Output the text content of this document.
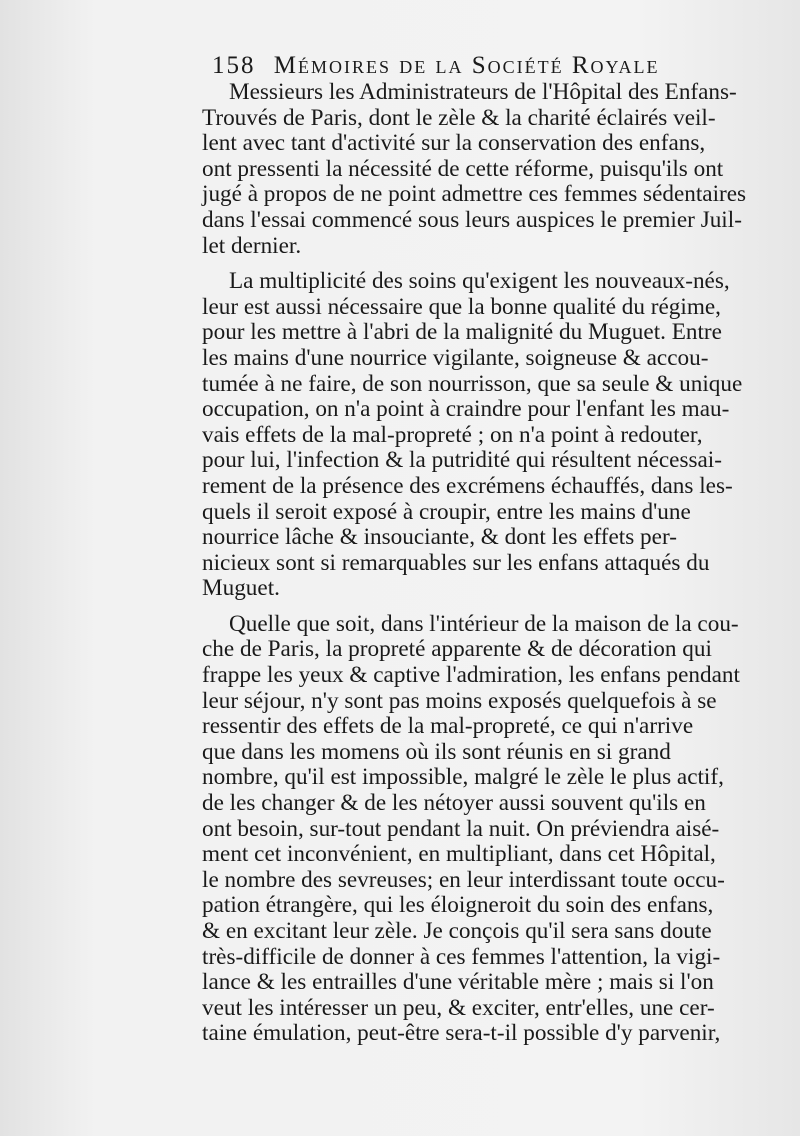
158 Mémoires de la Société Royale
Messieurs les Administrateurs de l'Hôpital des Enfans-
Trouvés de Paris, dont le zèle & la charité éclairés veil-
lent avec tant d'activité sur la conservation des enfans,
ont pressenti la nécessité de cette réforme, puisqu'ils ont
jugé à propos de ne point admettre ces femmes sédentaires
dans l'essai commencé sous leurs auspices le premier Juil-
let dernier.
La multiplicité des soins qu'exigent les nouveaux-nés,
leur est aussi nécessaire que la bonne qualité du régime,
pour les mettre à l'abri de la malignité du Muguet. Entre
les mains d'une nourrice vigilante, soigneuse & accou-
tumée à ne faire, de son nourrisson, que sa seule & unique
occupation, on n'a point à craindre pour l'enfant les mau-
vais effets de la mal-propreté ; on n'a point à redouter,
pour lui, l'infection & la putridité qui résultent nécessai-
rement de la présence des excrémens échauffés, dans les-
quels il seroit exposé à croupir, entre les mains d'une
nourrice lâche & insouciante, & dont les effets per-
nicieux sont si remarquables sur les enfans attaqués du
Muguet.
Quelle que soit, dans l'intérieur de la maison de la cou-
che de Paris, la propreté apparente & de décoration qui
frappe les yeux & captive l'admiration, les enfans pendant
leur séjour, n'y sont pas moins exposés quelquefois à se
ressentir des effets de la mal-propreté, ce qui n'arrive
que dans les momens où ils sont réunis en si grand
nombre, qu'il est impossible, malgré le zèle le plus actif,
de les changer & de les nétoyer aussi souvent qu'ils en
ont besoin, sur-tout pendant la nuit. On préviendra aisé-
ment cet inconvénient, en multipliant, dans cet Hôpital,
le nombre des sevreuses; en leur interdissant toute occu-
pation étrangère, qui les éloigneroit du soin des enfans,
& en excitant leur zèle. Je conçois qu'il sera sans doute
très-difficile de donner à ces femmes l'attention, la vigi-
lance & les entrailles d'une véritable mère ; mais si l'on
veut les intéresser un peu, & exciter, entr'elles, une cer-
taine émulation, peut-être sera-t-il possible d'y parvenir,
